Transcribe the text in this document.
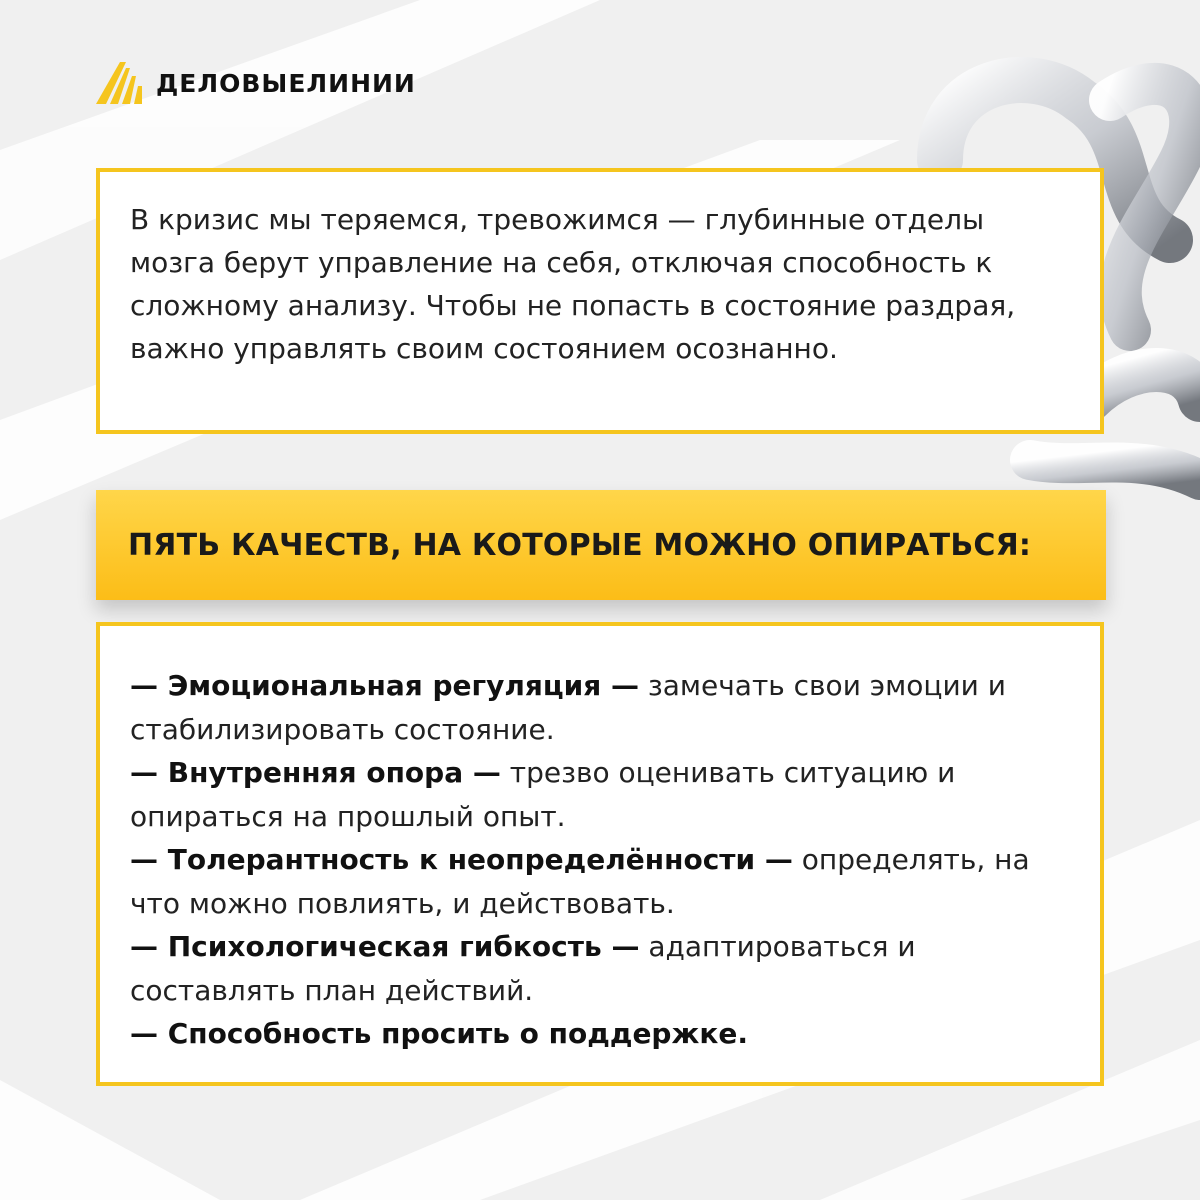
ДЕЛОВЫЕЛИНИИ

В кризис мы теряемся, тревожимся — глубинные отделы мозга берут управление на себя, отключая способность к сложному анализу. Чтобы не попасть в состояние раздрая, важно управлять своим состоянием осознанно.

ПЯТЬ КАЧЕСТВ, НА КОТОРЫЕ МОЖНО ОПИРАТЬСЯ:
— Эмоциональная регуляция — замечать свои эмоции и стабилизировать состояние.
— Внутренняя опора — трезво оценивать ситуацию и опираться на прошлый опыт.
— Толерантность к неопределённости — определять, на что можно повлиять, и действовать.
— Психологическая гибкость — адаптироваться и составлять план действий.
— Способность просить о поддержке.
